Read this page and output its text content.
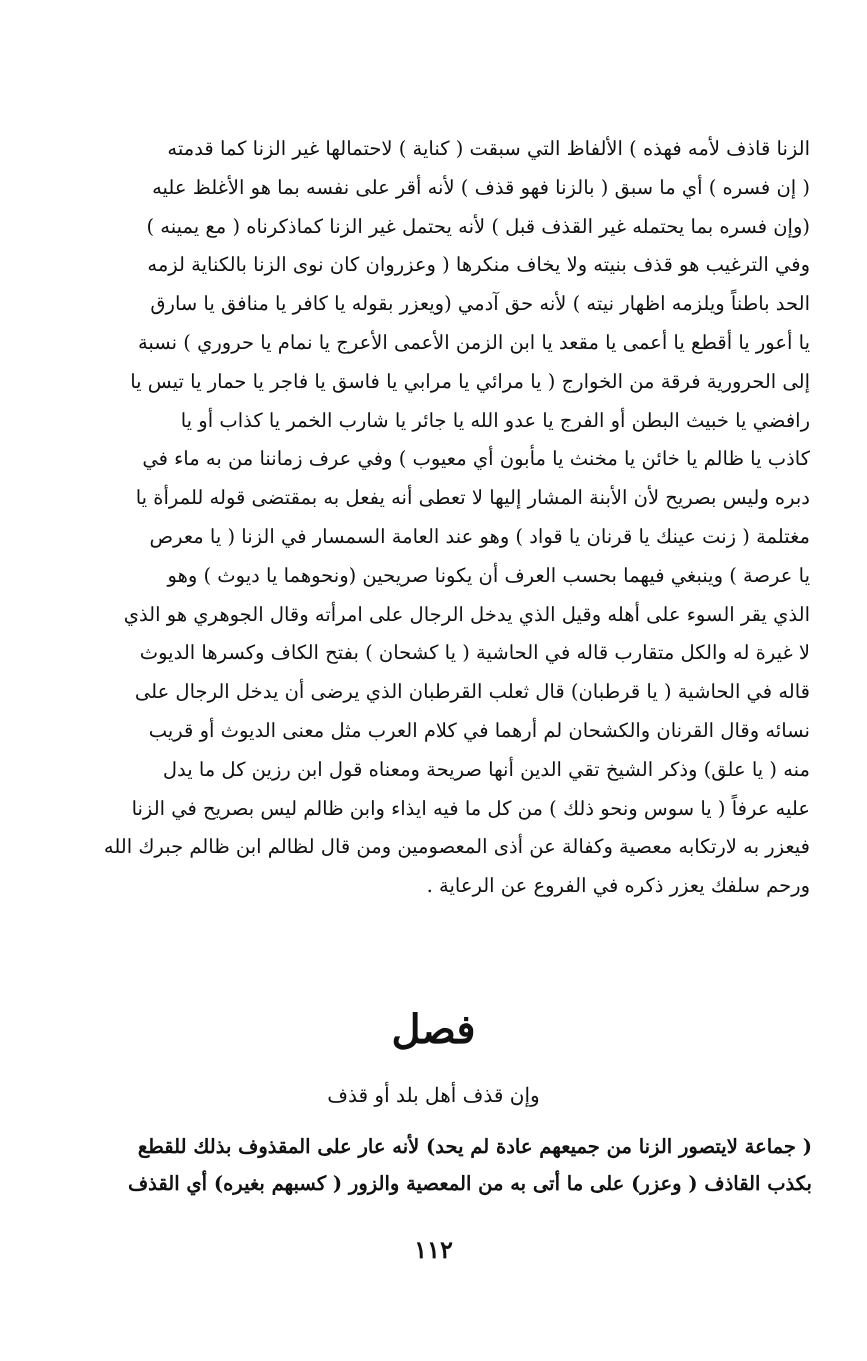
الزنا قاذف لأمه فهذه ) الألفاظ التي سبقت ( كناية ) لاحتمالها غير الزنا كما قدمته
( إن فسره ) أي ما سبق ( بالزنا فهو قذف ) لأنه أقر على نفسه بما هو الأغلظ عليه
(وإن فسره بما يحتمله غير القذف قبل ) لأنه يحتمل غير الزنا كماذكرناه ( مع يمينه )
وفي الترغيب هو قذف بنيته ولا يخاف منكرها ( وعزروان كان نوى الزنا بالكناية لزمه
الحد باطناً ويلزمه اظهار نيته ) لأنه حق آدمي (ويعزر بقوله يا كافر يا منافق يا سارق
يا أعور يا أقطع يا أعمى يا مقعد يا ابن الزمن الأعمى الأعرج يا نمام يا حروري ) نسبة
إلى الحرورية فرقة من الخوارج ( يا مرائي يا مرابي يا فاسق يا فاجر يا حمار يا تيس يا
رافضي يا خبيث البطن أو الفرج يا عدو الله يا جائر يا شارب الخمر يا كذاب أو يا
كاذب يا ظالم يا خائن يا مخنث يا مأبون أي معيوب ) وفي عرف زماننا من به ماء في
دبره وليس بصريح لأن الأبنة المشار إليها لا تعطى أنه يفعل به بمقتضى قوله للمرأة يا
مغتلمة ( زنت عينك يا قرنان يا قواد ) وهو عند العامة السمسار في الزنا ( يا معرص
يا عرصة ) وينبغي فيهما بحسب العرف أن يكونا صريحين (ونحوهما يا ديوث ) وهو
الذي يقر السوء على أهله وقيل الذي يدخل الرجال على امرأته وقال الجوهري هو الذي
لا غيرة له والكل متقارب قاله في الحاشية ( يا كشحان ) بفتح الكاف وكسرها الديوث
قاله في الحاشية ( يا قرطبان) قال ثعلب القرطبان الذي يرضى أن يدخل الرجال على
نسائه وقال القرنان والكشحان لم أرهما في كلام العرب مثل معنى الديوث أو قريب
منه ( يا علق) وذكر الشيخ تقي الدين أنها صريحة ومعناه قول ابن رزين كل ما يدل
عليه عرفاً ( يا سوس ونحو ذلك ) من كل ما فيه ايذاء وابن ظالم ليس بصريح في الزنا
فيعزر به لارتكابه معصية وكفالة عن أذى المعصومين ومن قال لظالم ابن ظالم جبرك الله
ورحم سلفك يعزر ذكره في الفروع عن الرعاية .
فصل
وإن قذف أهل بلد أو قذف
( جماعة لايتصور الزنا من جميعهم عادة لم يحد) لأنه عار على المقذوف بذلك للقطع
بكذب القاذف ( وعزر) على ما أتى به من المعصية والزور ( كسبهم بغيره) أي القذف
١١٢
